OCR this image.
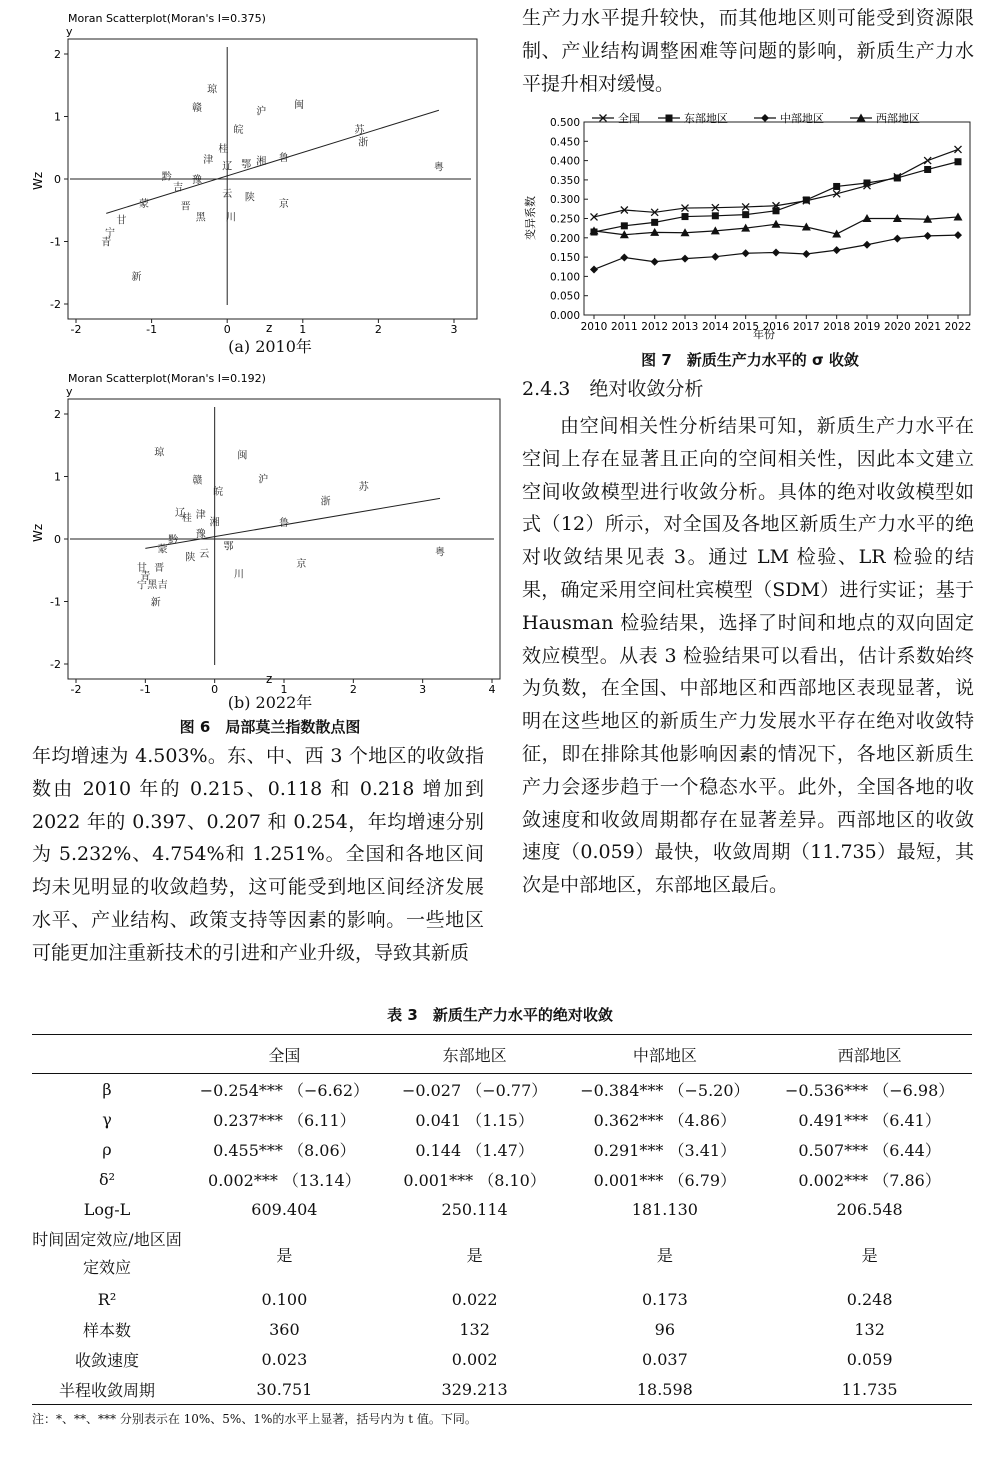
Moran Scatterplot(Moran's I=0.375)
y
Wz
z
-2	-1	0	1	2	3
-2
-1
0
1
2
琼
赣	沪
闽
皖	苏
浙
桂
津
辽 鄂 湘 鲁
粤
黔 豫
吉
云 陕
京
蒙	晋
黑 川
甘
青
宁
新
(a) 2010年
Moran Scatterplot(Moran's I=0.192)
y
Wz
z
-2	-1	0	1	2	3	4
-2
-1
0
1
2
琼	闽
赣	沪
皖	苏
浙
辽 津
桂 湘	鲁
豫
黔
鄂
云
蒙
陕
京
川
粤
甘 晋
青
黑 吉
宁
新
(b) 2022年
图 6　局部莫兰指数散点图

年均增速为 4.503%。东、中、西 3 个地区的收敛指数由 2010 年的 0.215、0.118 和 0.218 增加到 2022 年的 0.397、0.207 和 0.254，年均增速分别为 5.232%、4.754%和 1.251%。全国和各地区间均未见明显的收敛趋势，这可能受到地区间经济发展水平、产业结构、政策支持等因素的影响。一些地区可能更加注重新技术的引进和产业升级，导致其新质

生产力水平提升较快，而其他地区则可能受到资源限制、产业结构调整困难等问题的影响，新质生产力水平提升相对缓慢。

全国	东部地区	中部地区	西部地区
变异系数
年份
0.000
0.050
0.100
0.150
0.200
0.250
0.300
0.350
0.400
0.450
0.500
2010 2011 2012 2013 2014 2015 2016 2017 2018 2019 2020 2021 2022
图 7　新质生产力水平的 σ 收敛
2.4.3　 绝对收敛分析

由空间相关性分析结果可知，新质生产力水平在空间上存在显著且正向的空间相关性，因此本文建立空间收敛模型进行收敛分析。具体的绝对收敛模型如式（12）所示，对全国及各地区新质生产力水平的绝对收敛结果见表 3。通过 LM 检验、LR 检验的结果，确定采用空间杜宾模型（SDM）进行实证；基于 Hausman 检验结果，选择了时间和地点的双向固定效应模型。从表 3 检验结果可以看出，估计系数始终为负数，在全国、中部地区和西部地区表现显著，说明在这些地区的新质生产力发展水平存在绝对收敛特征，即在排除其他影响因素的情况下，各地区新质生产力会逐步趋于一个稳态水平。此外，全国各地的收敛速度和收敛周期都存在显著差异。西部地区的收敛速度（0.059）最快，收敛周期（11.735）最短，其次是中部地区，东部地区最后。

表 3　新质生产力水平的绝对收敛
	全国	东部地区	中部地区	西部地区
β	−0.254*** （−6.62）	−0.027 （−0.77）	−0.384*** （−5.20）	−0.536*** （−6.98）
γ	0.237*** （6.11）	0.041 （1.15）	0.362*** （4.86）	0.491*** （6.41）
ρ	0.455*** （8.06）	0.144 （1.47）	0.291*** （3.41）	0.507*** （6.44）
δ²	0.002*** （13.14）	0.001*** （8.10）	0.001*** （6.79）	0.002*** （7.86）
Log-L	609.404	250.114	181.130	206.548
时间固定效应/地区固定效应	是	是	是	是
R²	0.100	0.022	0.173	0.248
样本数	360	132	96	132
收敛速度	0.023	0.002	0.037	0.059
半程收敛周期	30.751	329.213	18.598	11.735
注：*、**、*** 分别表示在 10%、5%、1%的水平上显著，括号内为 t 值。下同。
